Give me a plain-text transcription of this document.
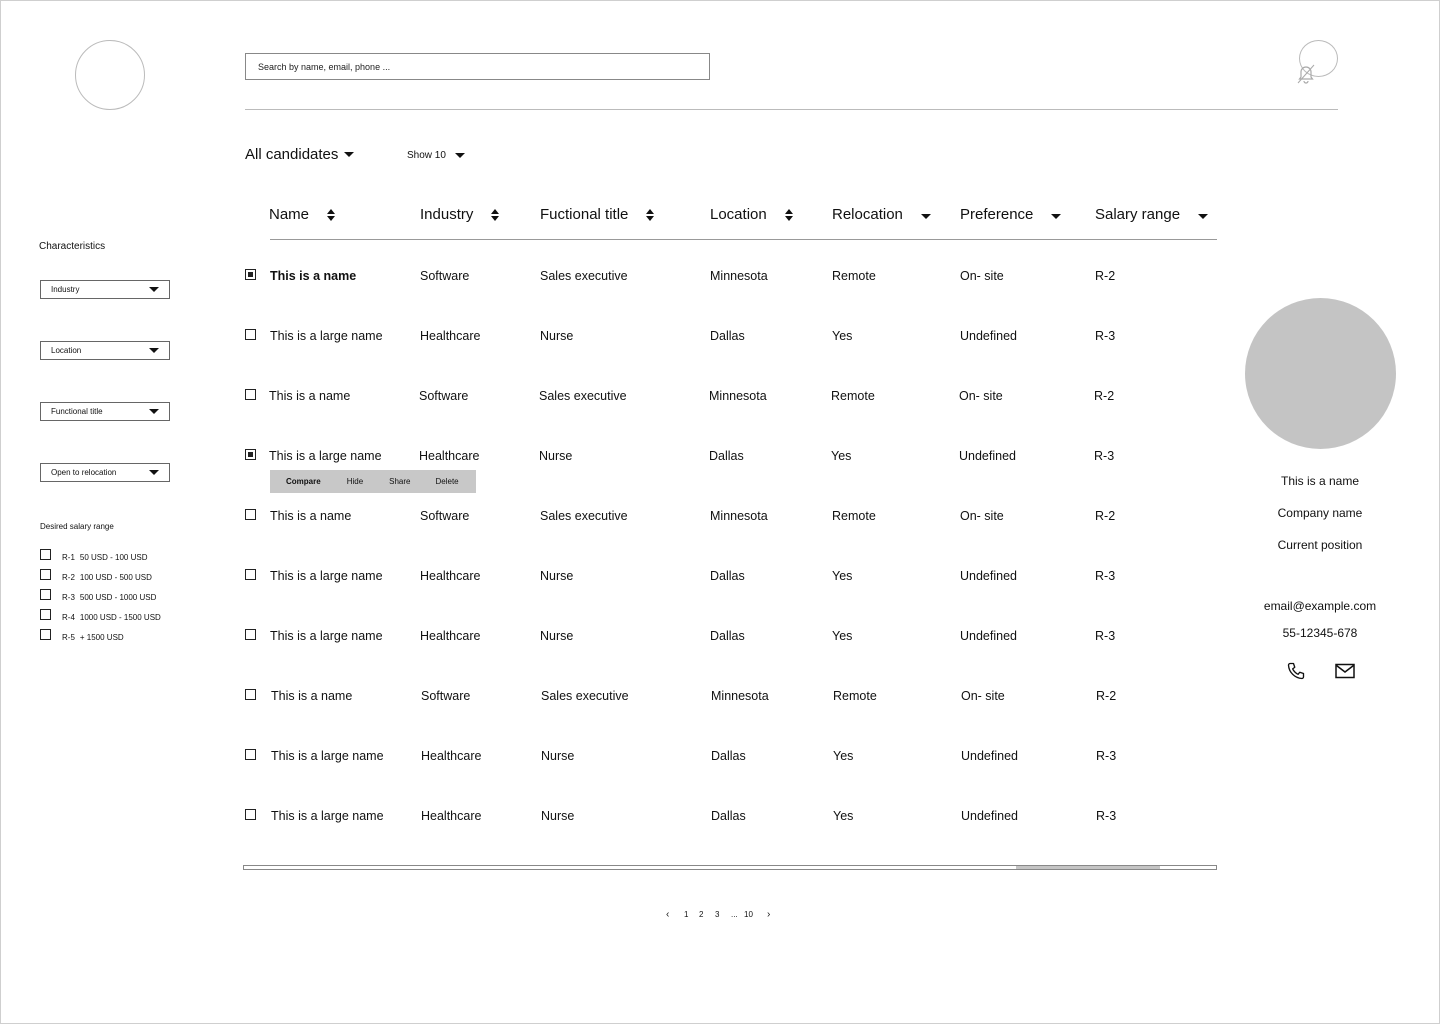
Search by name, email, phone ...
All candidates	Show 10
Characteristics
Industry
Location
Functional title
Open to relocation
Desired salary range
R-1 50 USD - 100 USD
R-2 100 USD - 500 USD
R-3 500 USD - 1000 USD
R-4 1000 USD - 1500 USD
R-5 + 1500 USD
Name	Industry	Fuctional title	Location	Relocation	Preference	Salary range
This is a name	Software	Sales executive	Minnesota	Remote	On- site	R-2
This is a large name	Healthcare	Nurse	Dallas	Yes	Undefined	R-3
This is a name	Software	Sales executive	Minnesota	Remote	On- site	R-2
This is a large name	Healthcare	Nurse	Dallas	Yes	Undefined	R-3
This is a name	Software	Sales executive	Minnesota	Remote	On- site	R-2
This is a large name	Healthcare	Nurse	Dallas	Yes	Undefined	R-3
This is a large name	Healthcare	Nurse	Dallas	Yes	Undefined	R-3
This is a name	Software	Sales executive	Minnesota	Remote	On- site	R-2
This is a large name	Healthcare	Nurse	Dallas	Yes	Undefined	R-3
This is a large name	Healthcare	Nurse	Dallas	Yes	Undefined	R-3
Compare	Hide	Share	Delete
‹ 1 2 3 ... 10 ›
This is a name
Company name
Current position
email@example.com
55-12345-678
